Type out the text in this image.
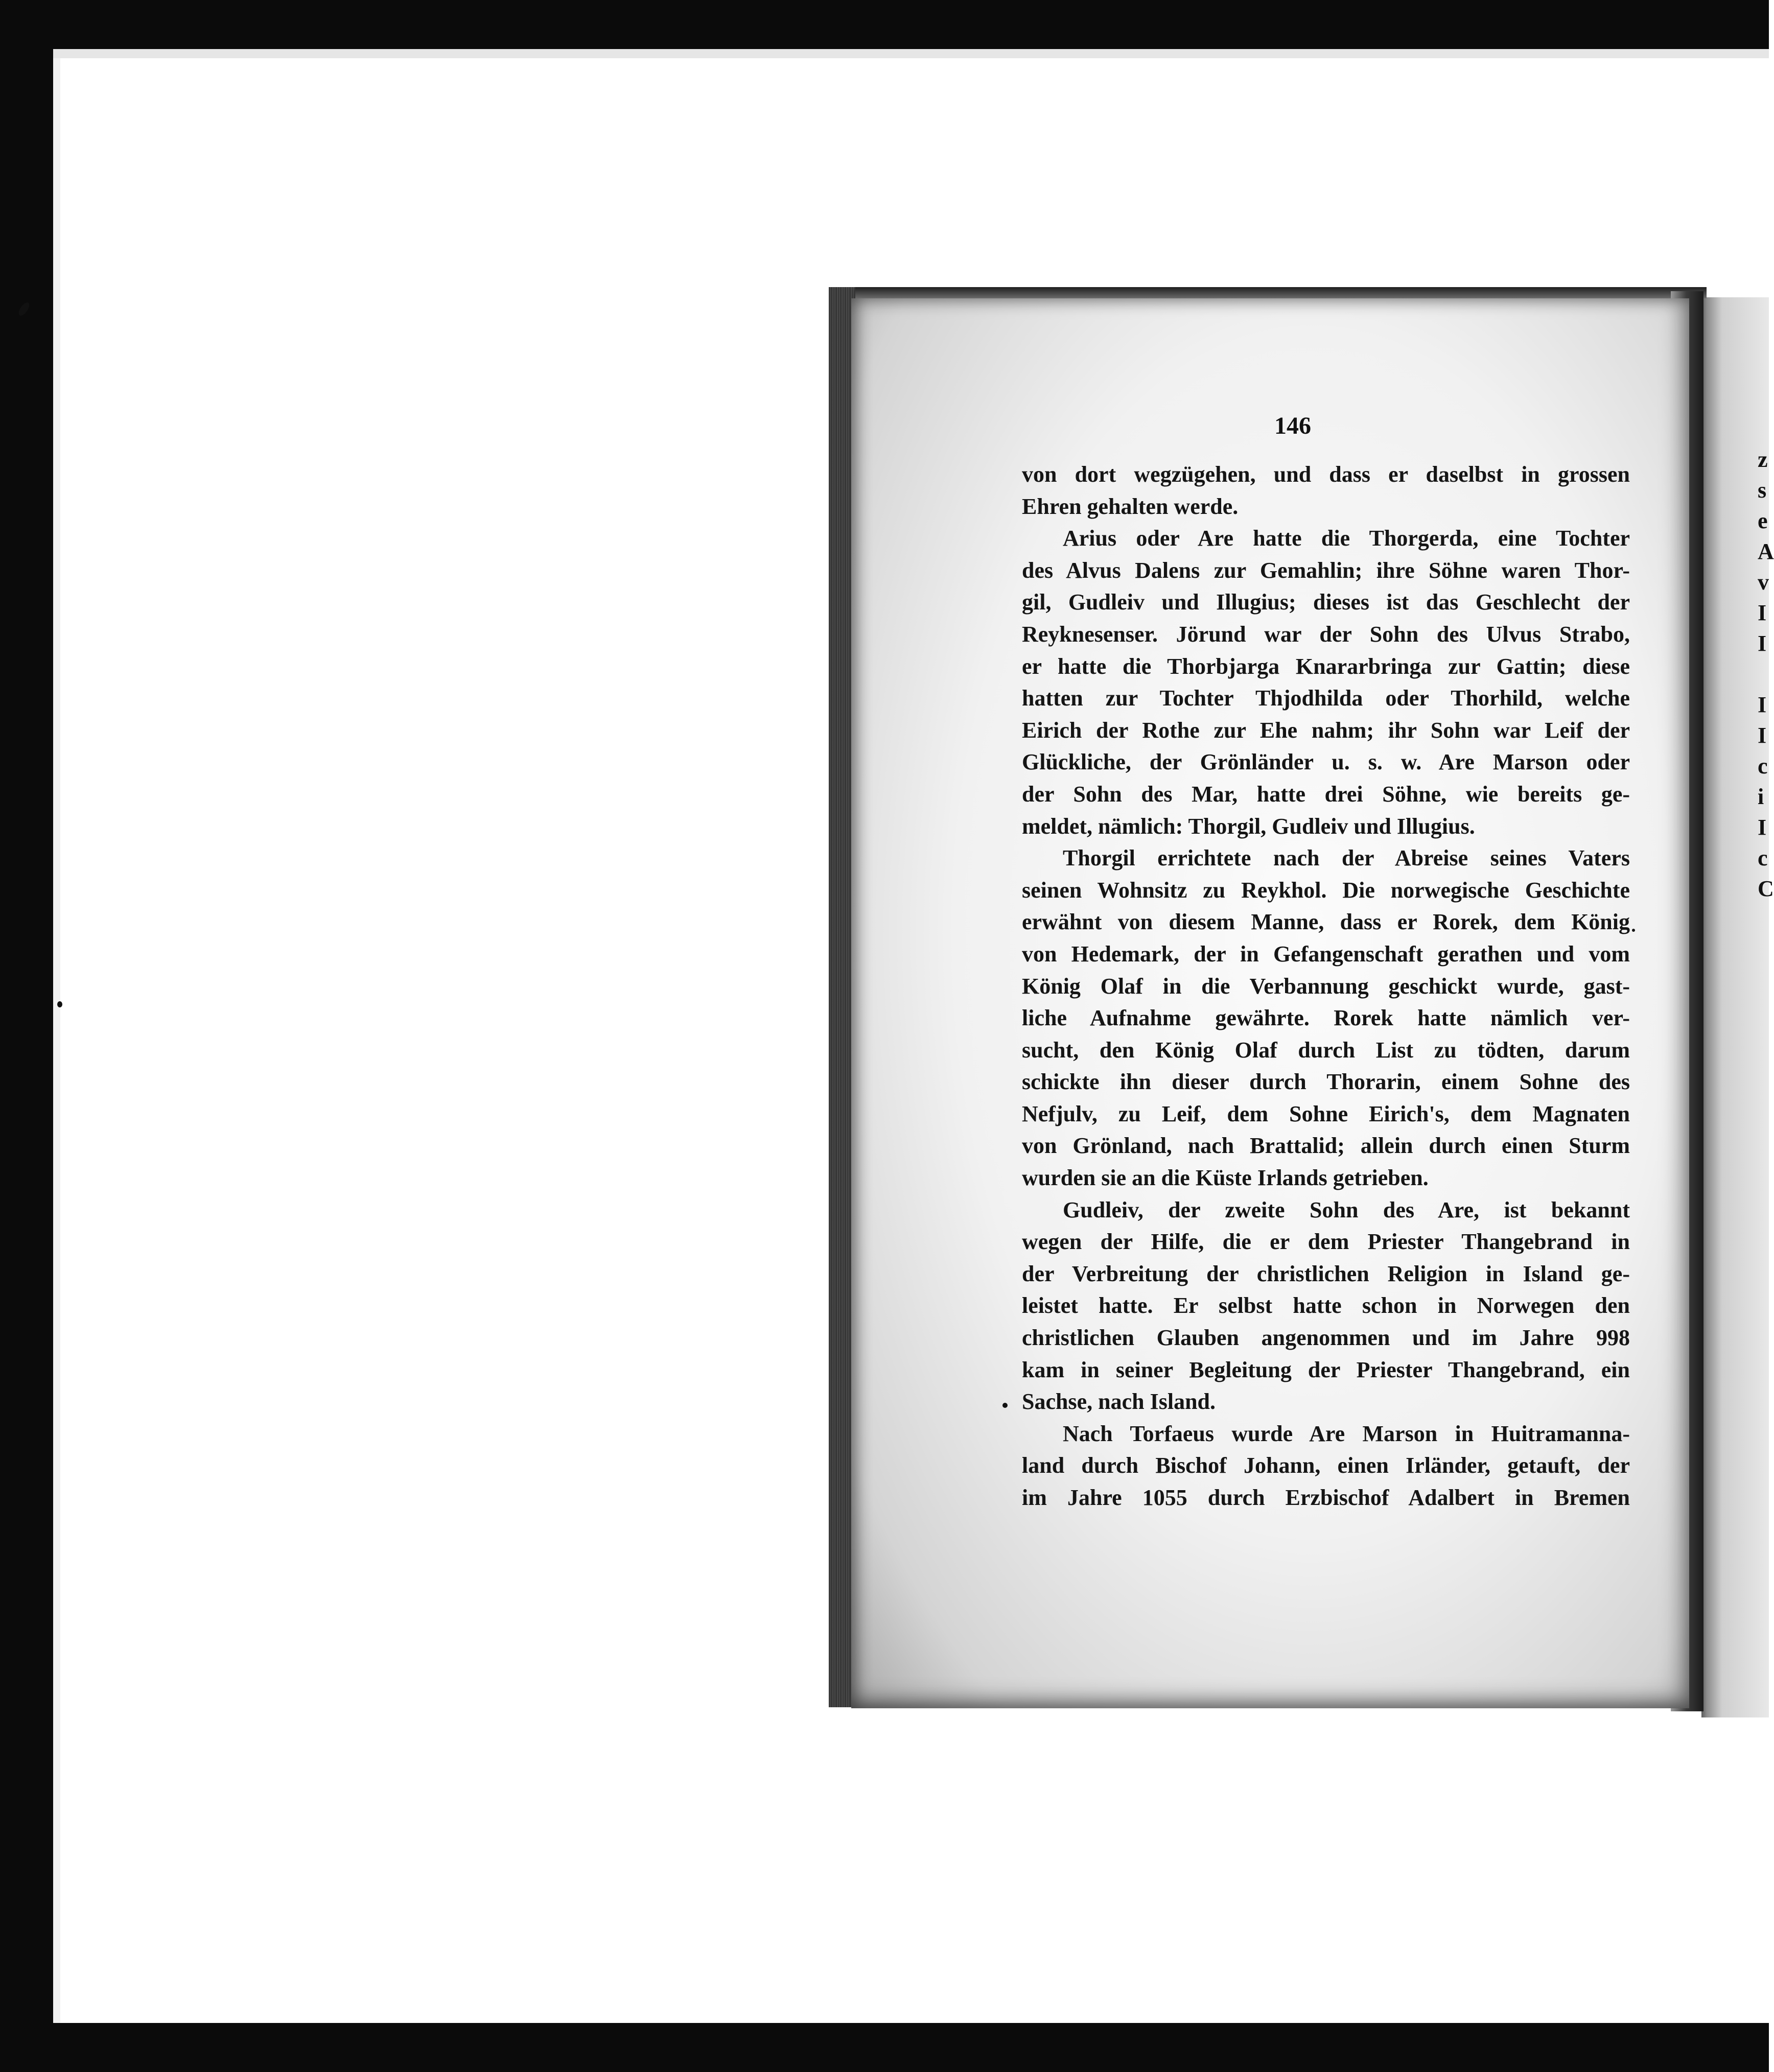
z
s
e
A
v
I
I
I
I
c
i
I
c
C
146
von dort wegzügehen, und dass er daselbst in grossen
Ehren gehalten werde.
Arius oder Are hatte die Thorgerda, eine Tochter
des Alvus Dalens zur Gemahlin; ihre Söhne waren Thor-
gil, Gudleiv und Illugius; dieses ist das Geschlecht der
Reyknesenser. Jörund war der Sohn des Ulvus Strabo,
er hatte die Thorbjarga Knararbringa zur Gattin; diese
hatten zur Tochter Thjodhilda oder Thorhild, welche
Eirich der Rothe zur Ehe nahm; ihr Sohn war Leif der
Glückliche, der Grönländer u. s. w. Are Marson oder
der Sohn des Mar, hatte drei Söhne, wie bereits ge-
meldet, nämlich: Thorgil, Gudleiv und Illugius.
Thorgil errichtete nach der Abreise seines Vaters
seinen Wohnsitz zu Reykhol. Die norwegische Geschichte
erwähnt von diesem Manne, dass er Rorek, dem König
von Hedemark, der in Gefangenschaft gerathen und vom
König Olaf in die Verbannung geschickt wurde, gast-
liche Aufnahme gewährte. Rorek hatte nämlich ver-
sucht, den König Olaf durch List zu tödten, darum
schickte ihn dieser durch Thorarin, einem Sohne des
Nefjulv, zu Leif, dem Sohne Eirich's, dem Magnaten
von Grönland, nach Brattalid; allein durch einen Sturm
wurden sie an die Küste Irlands getrieben.
Gudleiv, der zweite Sohn des Are, ist bekannt
wegen der Hilfe, die er dem Priester Thangebrand in
der Verbreitung der christlichen Religion in Island ge-
leistet hatte. Er selbst hatte schon in Norwegen den
christlichen Glauben angenommen und im Jahre 998
kam in seiner Begleitung der Priester Thangebrand, ein
Sachse, nach Island.
Nach Torfaeus wurde Are Marson in Huitramanna-
land durch Bischof Johann, einen Irländer, getauft, der
im Jahre 1055 durch Erzbischof Adalbert in Bremen
